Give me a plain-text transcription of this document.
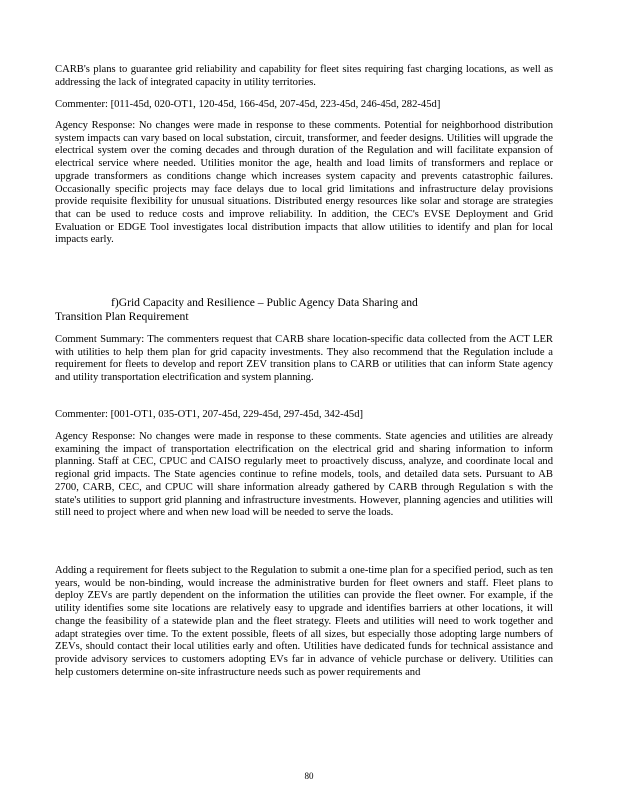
CARB's plans to guarantee grid reliability and capability for fleet sites requiring fast charging locations, as well as addressing the lack of integrated capacity in utility territories.

Commenter: [011-45d, 020-OT1, 120-45d, 166-45d, 207-45d, 223-45d, 246-45d, 282-45d]

Agency Response: No changes were made in response to these comments. Potential for neighborhood distribution system impacts can vary based on local substation, circuit, transformer, and feeder designs. Utilities will upgrade the electrical system over the coming decades and through duration of the Regulation and will facilitate expansion of electrical service where needed. Utilities monitor the age, health and load limits of transformers and replace or upgrade transformers as conditions change which increases system capacity and prevents catastrophic failures. Occasionally specific projects may face delays due to local grid limitations and infrastructure delay provisions provide requisite flexibility for unusual situations. Distributed energy resources like solar and storage are strategies that can be used to reduce costs and improve reliability. In addition, the CEC's EVSE Deployment and Grid Evaluation or EDGE Tool investigates local distribution impacts that allow utilities to identify and plan for local impacts early.

f)Grid Capacity and Resilience – Public Agency Data Sharing and
Transition Plan Requirement

Comment Summary: The commenters request that CARB share location-specific data collected from the ACT LER with utilities to help them plan for grid capacity investments. They also recommend that the Regulation include a requirement for fleets to develop and report ZEV transition plans to CARB or utilities that can inform State agency and utility transportation electrification and system planning.

Commenter: [001-OT1, 035-OT1, 207-45d, 229-45d, 297-45d, 342-45d]

Agency Response: No changes were made in response to these comments. State agencies and utilities are already examining the impact of transportation electrification on the electrical grid and sharing information to inform planning. Staff at CEC, CPUC and CAISO regularly meet to proactively discuss, analyze, and coordinate local and regional grid impacts. The State agencies continue to refine models, tools, and detailed data sets. Pursuant to AB 2700, CARB, CEC, and CPUC will share information already gathered by CARB through Regulation s with the state's utilities to support grid planning and infrastructure investments. However, planning agencies and utilities will still need to project where and when new load will be needed to serve the loads.

Adding a requirement for fleets subject to the Regulation to submit a one-time plan for a specified period, such as ten years, would be non-binding, would increase the administrative burden for fleet owners and staff. Fleet plans to deploy ZEVs are partly dependent on the information the utilities can provide the fleet owner. For example, if the utility identifies some site locations are relatively easy to upgrade and identifies barriers at other locations, it will change the feasibility of a statewide plan and the fleet strategy. Fleets and utilities will need to work together and adapt strategies over time. To the extent possible, fleets of all sizes, but especially those adopting large numbers of ZEVs, should contact their local utilities early and often. Utilities have dedicated funds for technical assistance and provide advisory services to customers adopting EVs far in advance of vehicle purchase or delivery. Utilities can help customers determine on-site infrastructure needs such as power requirements and

80
